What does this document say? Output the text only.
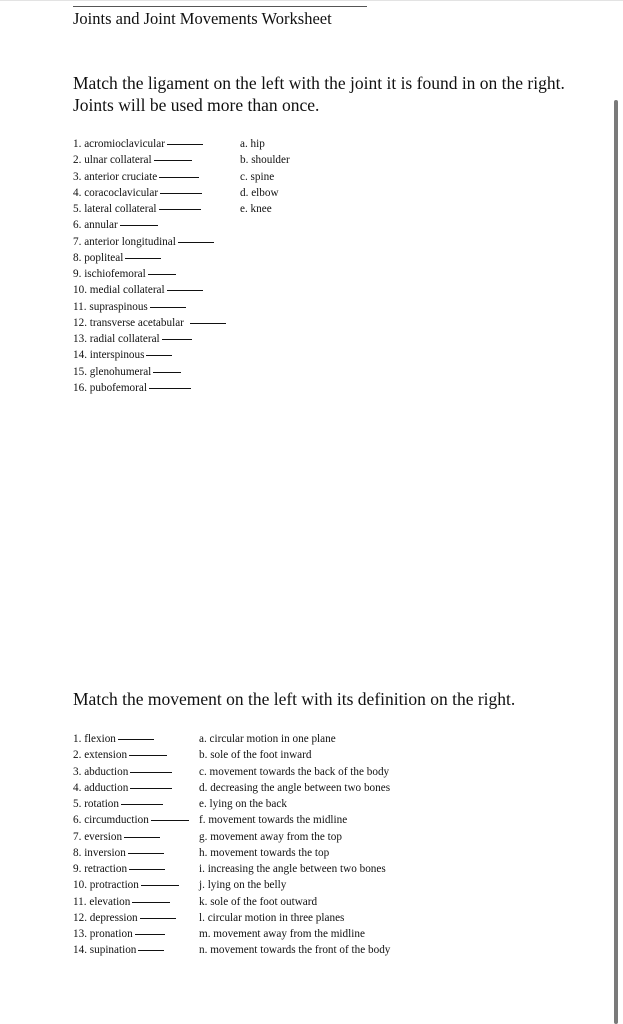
Joints and Joint Movements Worksheet
Match the ligament on the left with the joint it is found in on the right. Joints will be used more than once.
1. acromioclavicular
2. ulnar collateral
3. anterior cruciate
4. coracoclavicular
5. lateral collateral
6. annular
7. anterior longitudinal
8. popliteal
9. ischiofemoral
10. medial collateral
11. supraspinous
12. transverse acetabular
13. radial collateral
14. interspinous
15. glenohumeral
16. pubofemoral
a. hip
b. shoulder
c. spine
d. elbow
e. knee
Match the movement on the left with its definition on the right.
1. flexion
2. extension
3. abduction
4. adduction
5. rotation
6. circumduction
7. eversion
8. inversion
9. retraction
10. protraction
11. elevation
12. depression
13. pronation
14. supination
a. circular motion in one plane
b. sole of the foot inward
c. movement towards the back of the body
d. decreasing the angle between two bones
e. lying on the back
f. movement towards the midline
g. movement away from the top
h. movement towards the top
i. increasing the angle between two bones
j. lying on the belly
k. sole of the foot outward
l. circular motion in three planes
m. movement away from the midline
n. movement towards the front of the body
